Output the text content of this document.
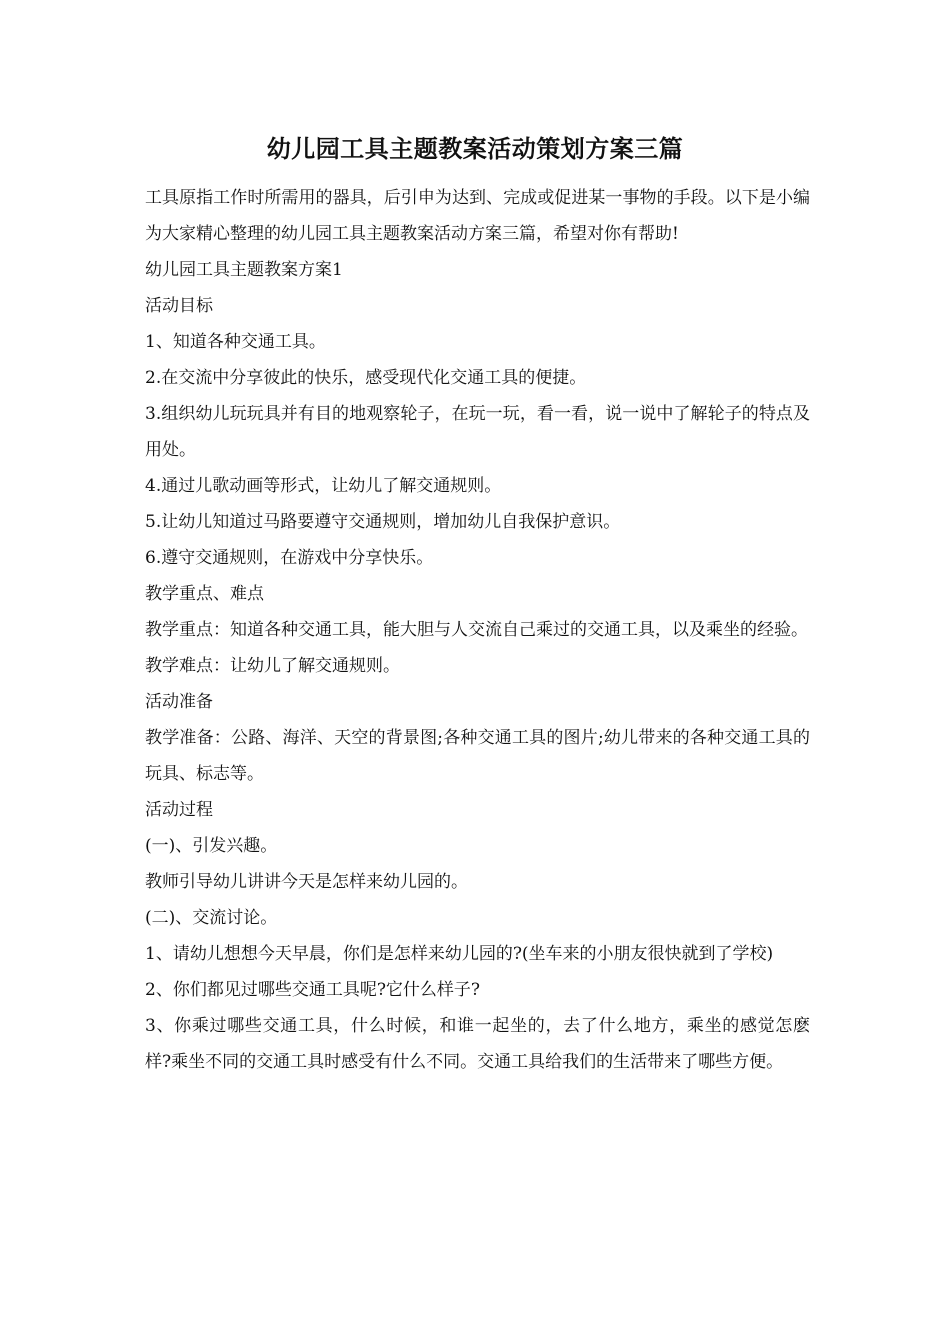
幼儿园工具主题教案活动策划方案三篇

工具原指工作时所需用的器具，后引申为达到、完成或促进某一事物的手段。以下是小编为大家精心整理的幼儿园工具主题教案活动方案三篇，希望对你有帮助!

幼儿园工具主题教案方案1

活动目标

1、知道各种交通工具。

2.在交流中分享彼此的快乐，感受现代化交通工具的便捷。

3.组织幼儿玩玩具并有目的地观察轮子，在玩一玩，看一看，说一说中了解轮子的特点及用处。

4.通过儿歌动画等形式，让幼儿了解交通规则。

5.让幼儿知道过马路要遵守交通规则，增加幼儿自我保护意识。

6.遵守交通规则，在游戏中分享快乐。

教学重点、难点

教学重点：知道各种交通工具，能大胆与人交流自己乘过的交通工具，以及乘坐的经验。

教学难点：让幼儿了解交通规则。

活动准备

教学准备：公路、海洋、天空的背景图;各种交通工具的图片;幼儿带来的各种交通工具的玩具、标志等。

活动过程

(一)、引发兴趣。

教师引导幼儿讲讲今天是怎样来幼儿园的。

(二)、交流讨论。

1、请幼儿想想今天早晨，你们是怎样来幼儿园的?(坐车来的小朋友很快就到了学校)

2、你们都见过哪些交通工具呢?它什么样子?

3、你乘过哪些交通工具，什么时候，和谁一起坐的，去了什么地方，乘坐的感觉怎麽样?乘坐不同的交通工具时感受有什么不同。交通工具给我们的生活带来了哪些方便。
